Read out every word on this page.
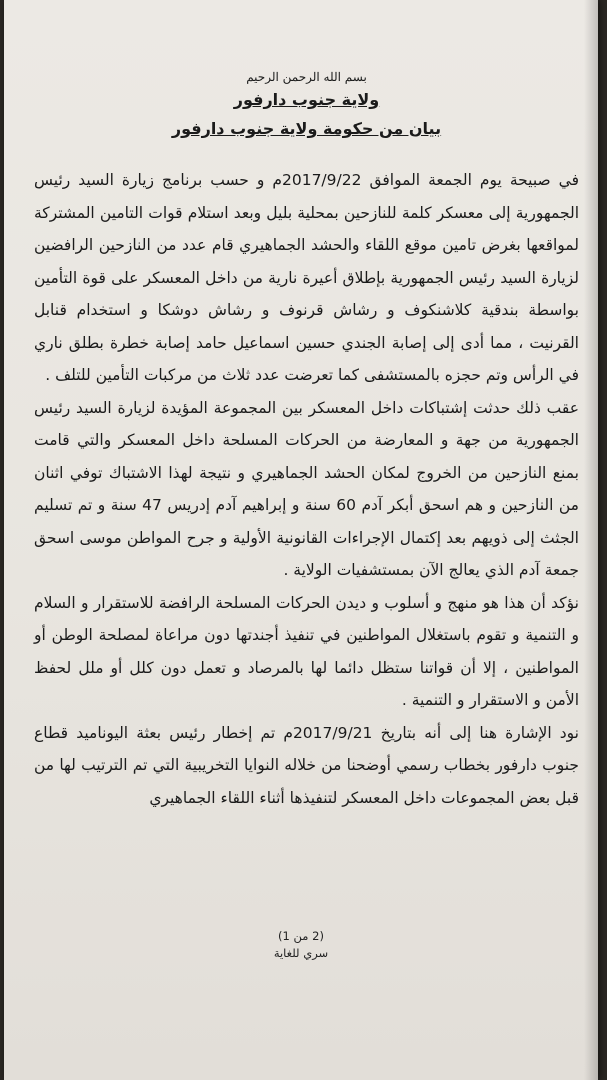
بسم الله الرحمن الرحيم
ولاية جنوب دارفور
بيان من حكومة ولاية جنوب دارفور

في صبيحة يوم الجمعة الموافق 2017/9/22م و حسب برنامج زيارة السيد رئيس الجمهورية إلى معسكر كلمة للنازحين بمحلية بليل وبعد استلام قوات التامين المشتركة لمواقعها بغرض تامين موقع اللقاء والحشد الجماهيري قام عدد من النازحين الرافضين لزيارة السيد رئيس الجمهورية بإطلاق أعيرة نارية من داخل المعسكر على قوة التأمين بواسطة بندقية كلاشنكوف و رشاش قرنوف و رشاش دوشكا و استخدام قنابل القرنيت ، مما أدى إلى إصابة الجندي حسين اسماعيل حامد إصابة خطرة بطلق ناري في الرأس وتم حجزه بالمستشفى كما تعرضت عدد ثلاث من مركبات التأمين للتلف .

عقب ذلك حدثت إشتباكات داخل المعسكر بين المجموعة المؤيدة لزيارة السيد رئيس الجمهورية من جهة و المعارضة من الحركات المسلحة داخل المعسكر والتي قامت بمنع النازحين من الخروج لمكان الحشد الجماهيري و نتيجة لهذا الاشتباك توفي اثنان من النازحين و هم اسحق أبكر آدم 60 سنة و إبراهيم آدم إدريس 47 سنة و تم تسليم الجثث إلى ذويهم بعد إكتمال الإجراءات القانونية الأولية و جرح المواطن موسى اسحق جمعة آدم الذي يعالج الآن بمستشفيات الولاية .

نؤكد أن هذا هو منهج و أسلوب و ديدن الحركات المسلحة الرافضة للاستقرار و السلام و التنمية و تقوم باستغلال المواطنين في تنفيذ أجندتها دون مراعاة لمصلحة الوطن أو المواطنين ، إلا أن قواتنا ستظل دائما لها بالمرصاد و تعمل دون كلل أو ملل لحفظ الأمن و الاستقرار و التنمية .

نود الإشارة هنا إلى أنه بتاريخ 2017/9/21م تم إخطار رئيس بعثة اليوناميد قطاع جنوب دارفور بخطاب رسمي أوضحنا من خلاله النوايا التخريبية التي تم الترتيب لها من قبل بعض المجموعات داخل المعسكر لتنفيذها أثناء اللقاء الجماهيري

(2 من 1)
سري للغاية
